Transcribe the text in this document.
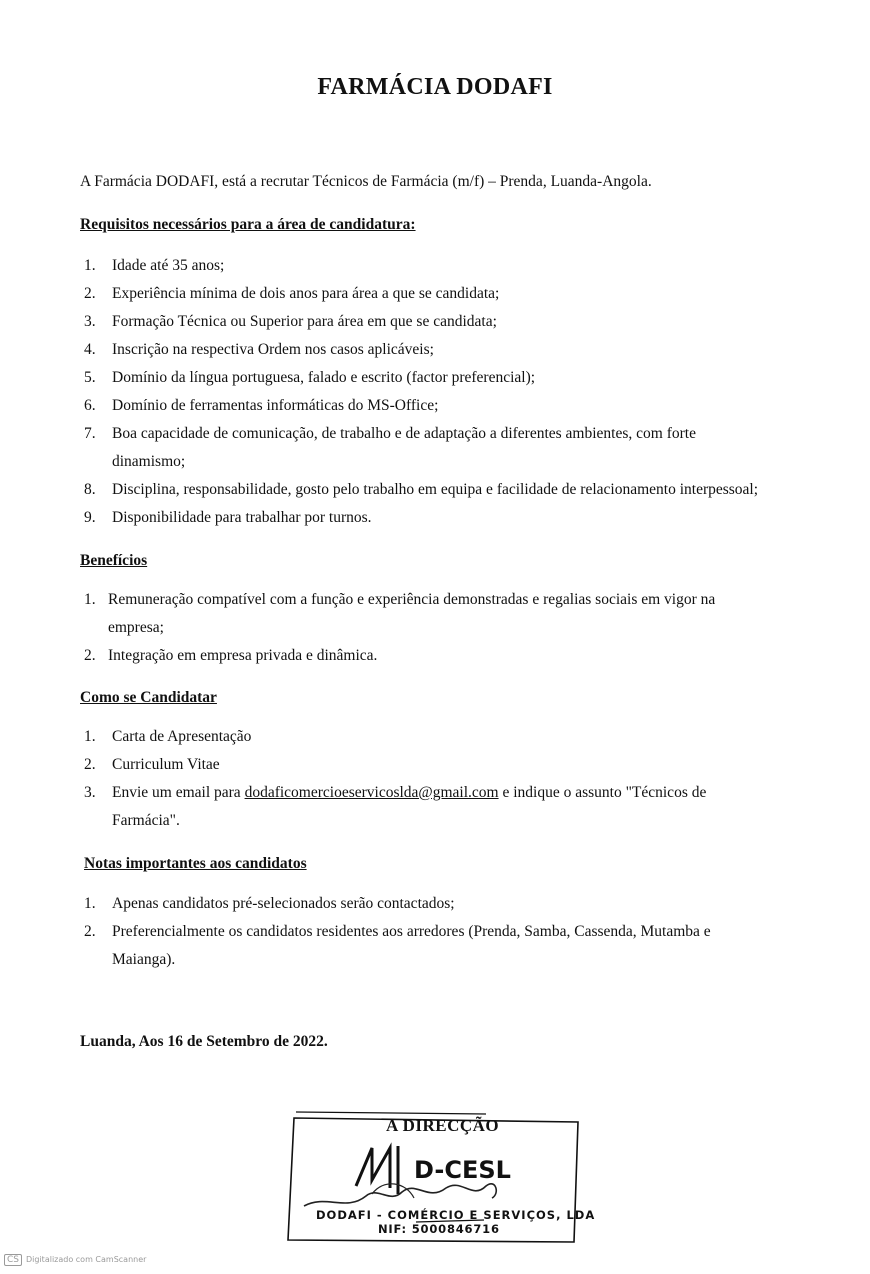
FARMÁCIA DODAFI
A Farmácia DODAFI, está a recrutar Técnicos de Farmácia (m/f) – Prenda, Luanda-Angola.
Requisitos necessários para a área de candidatura:
1.	Idade até 35 anos;
2.	Experiência mínima de dois anos para área a que se candidata;
3.	Formação Técnica ou Superior para área em que se candidata;
4.	Inscrição na respectiva Ordem nos casos aplicáveis;
5.	Domínio da língua portuguesa, falado e escrito (factor preferencial);
6.	Domínio de ferramentas informáticas do MS-Office;
7.	Boa capacidade de comunicação, de trabalho e de adaptação a diferentes ambientes, com forte dinamismo;
8.	Disciplina, responsabilidade, gosto pelo trabalho em equipa e facilidade de relacionamento interpessoal;
9.	Disponibilidade para trabalhar por turnos.
Benefícios
1. Remuneração compatível com a função e experiência demonstradas e regalias sociais em vigor na empresa;
2. Integração em empresa privada e dinâmica.
Como se Candidatar
1.	Carta de Apresentação
2.	Curriculum Vitae
3.	Envie um email para dodaficomercioeservicoslda@gmail.com e indique o assunto "Técnicos de Farmácia".
Notas importantes aos candidatos
1.	Apenas candidatos pré-selecionados serão contactados;
2.	Preferencialmente os candidatos residentes aos arredores (Prenda, Samba, Cassenda, Mutamba e Maianga).
Luanda, Aos 16 de Setembro de 2022.
D-CESL
A DIRECÇÃO
DODAFI - COMÉRCIO E SERVIÇOS, LDA
NIF: 5000846716
CS Digitalizado com CamScanner
